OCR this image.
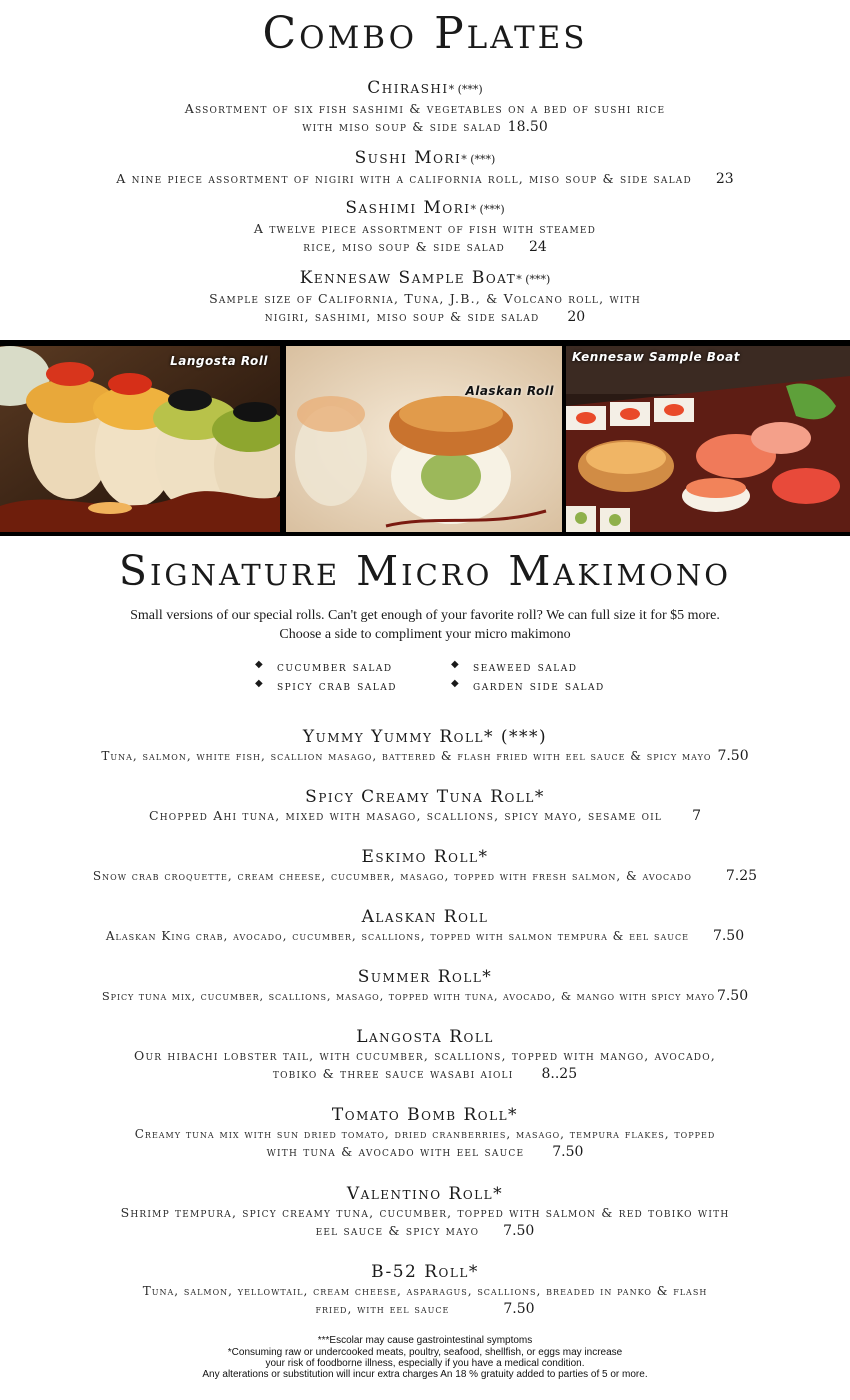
Combo Plates
Chirashi* (***)
Assortment of six fish sashimi & vegetables on a bed of sushi rice
with miso soup & side salad 18.50
Sushi Mori* (***)
A nine piece assortment of nigiri with a california roll, miso soup & side salad 23
Sashimi Mori* (***)
A twelve piece assortment of fish with steamed
rice, miso soup & side salad 24
Kennesaw Sample Boat* (***)
Sample size of California, Tuna, J.B., & Volcano roll, with
nigiri, sashimi, miso soup & side salad 20
Langosta Roll
Alaskan Roll
Kennesaw Sample Boat
Signature Micro Makimono
Small versions of our special rolls. Can't get enough of your favorite roll? We can full size it for $5 more.
Choose a side to compliment your micro makimono
◆ cucumber salad
◆ spicy crab salad
◆ seaweed salad
◆ garden side salad
Yummy Yummy Roll* (***)
Tuna, salmon, white fish, scallion masago, battered & flash fried with eel sauce & spicy mayo 7.50
Spicy Creamy Tuna Roll*
Chopped Ahi tuna, mixed with masago, scallions, spicy mayo, sesame oil 7
Eskimo Roll*
Snow crab croquette, cream cheese, cucumber, masago, topped with fresh salmon, & avocado 7.25
Alaskan Roll
Alaskan King crab, avocado, cucumber, scallions, topped with salmon tempura & eel sauce 7.50
Summer Roll*
Spicy tuna mix, cucumber, scallions, masago, topped with tuna, avocado, & mango with spicy mayo 7.50
Langosta Roll
Our hibachi lobster tail, with cucumber, scallions, topped with mango, avocado,
tobiko & three sauce wasabi aioli 8..25
Tomato Bomb Roll*
Creamy tuna mix with sun dried tomato, dried cranberries, masago, tempura flakes, topped
with tuna & avocado with eel sauce 7.50
Valentino Roll*
Shrimp tempura, spicy creamy tuna, cucumber, topped with salmon & red tobiko with
eel sauce & spicy mayo 7.50
B-52 Roll*
Tuna, salmon, yellowtail, cream cheese, asparagus, scallions, breaded in panko & flash
fried, with eel sauce	7.50
***Escolar may cause gastrointestinal symptoms
*Consuming raw or undercooked meats, poultry, seafood, shellfish, or eggs may increase
your risk of foodborne illness, especially if you have a medical condition.
Any alterations or substitution will incur extra charges An 18 % gratuity added to parties of 5 or more.
